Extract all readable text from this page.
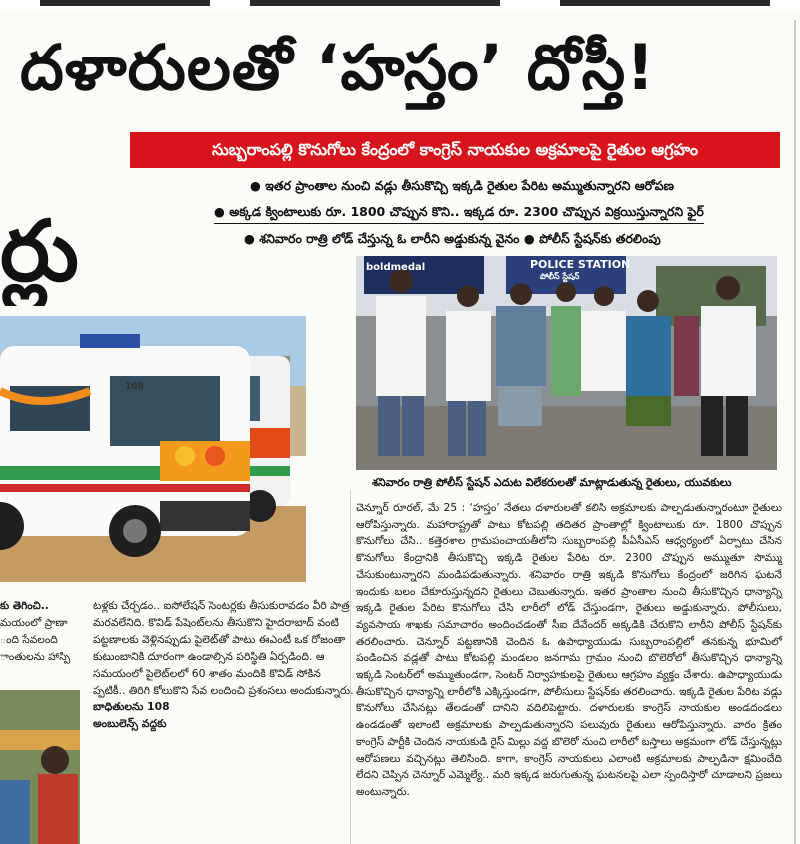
దళారులతో ‘హస్తం’ దోస్తీ!
సుబ్బరాంపల్లి కొనుగోలు కేంద్రంలో కాంగ్రెస్ నాయకుల అక్రమాలపై రైతుల ఆగ్రహం
● ఇతర ప్రాంతాల నుంచి వడ్లు తీసుకొచ్చి ఇక్కడి రైతుల పేరిట అమ్ముతున్నారని ఆరోపణ
● అక్కడ క్వింటాలుకు రూ. 1800 చొప్పున కొని.. ఇక్కడ రూ. 2300 చొప్పున విక్రయిస్తున్నారని ఫైర్
● శనివారం రాత్రి లోడ్ చేస్తున్న ఓ లారీని అడ్డుకున్న వైనం ● పోలీస్ స్టేషన్‌కు తరలింపు
ర్లు
108
boldmedal	POLICE STATION
పోలీస్ స్టేషన్
శనివారం రాత్రి పోలీస్ స్టేషన్ ఎదుట విలేకరులతో మాట్లాడుతున్న రైతులు, యువకులు
చెన్నూర్ రూరల్, మే 25 : ‘హస్తం’ నేతలు దళారులతో కలిసి అక్రమాలకు పాల్పడుతున్నారంటూ రైతులు ఆరోపిస్తున్నారు. మహారాష్ట్రతో పాటు కోటపల్లి తదితర ప్రాంతాల్లో క్వింటాలుకు రూ. 1800 చొప్పున కొనుగోలు చేసి.. కత్తెరశాల గ్రామపంచాయతీలోని సుబ్బరాంపల్లి పీఏసీఎస్ ఆధ్వర్యంలో ఏర్పాటు చేసిన కొనుగోలు కేంద్రానికి తీసుకొచ్చి ఇక్కడి రైతుల పేరిట రూ. 2300 చొప్పున అమ్ముతూ సొమ్ము చేసుకుంటున్నారని మండిపడుతున్నారు. శనివారం రాత్రి ఇక్కడి కొనుగోలు కేంద్రంలో జరిగిన ఘటనే ఇందుకు బలం చేకూరుస్తున్నదని రైతులు చెబుతున్నారు. ఇతర ప్రాంతాల నుంచి తీసుకొచ్చిన ధాన్యాన్ని ఇక్కడి రైతుల పేరిట కొనుగోలు చేసి లారీలో లోడ్ చేస్తుండగా, రైతులు అడ్డుకున్నారు. పోలీసులు, వ్యవసాయ శాఖకు సమాచారం అందించడంతో సీఐ దేవేందర్ అక్కడికి చేరుకొని లారీని పోలీస్ స్టేషన్‌కు తరలించారు. చెన్నూర్ పట్టణానికి చెందిన ఓ ఉపాధ్యాయుడు సుబ్బరాంపల్లిలో తనకున్న భూమిలో పండించిన వడ్లతో పాటు కోటపల్లి మండలం జనగామ గ్రామం నుంచి బొలెరోలో తీసుకొచ్చిన ధాన్యాన్ని ఇక్కడి సెంటర్‌లో అమ్ముతుండగా, సెంటర్ నిర్వాహకులపై రైతులు ఆగ్రహం వ్యక్తం చేశారు. ఉపాధ్యాయుడు తీసుకొచ్చిన ధాన్యాన్ని లారీలోకి ఎక్కిస్తుండగా, పోలీసులు స్టేషన్‌కు తరలించారు. ఇక్కడి రైతుల పేరిట వడ్లు కొనుగోలు చేసినట్లు తేలడంతో దానిని వదిలిపెట్టారు. దళారులకు కాంగ్రెస్ నాయకుల అండదండలు ఉండడంతో ఇలాంటి అక్రమాలకు పాల్పడుతున్నారని పలువురు రైతులు ఆరోపిస్తున్నారు. వారం క్రితం కాంగ్రెస్ పార్టీకి చెందిన నాయకుడి రైస్ మిల్లు వద్ద బొలెరో నుంచి లారీలో బస్తాలు అక్రమంగా లోడ్ చేస్తున్నట్లు ఆరోపణలు వచ్చినట్లు తెలిసింది. కాగా, కాంగ్రెస్ నాయకులు ఎలాంటి అక్రమాలకు పాల్పడినా క్షమించేది లేదని చెప్పిన చెన్నూర్ ఎమ్మెల్యే.. మరి ఇక్కడ జరుగుతున్న ఘటనలపై ఎలా స్పందిస్తారో చూడాలని ప్రజలు అంటున్నారు.
కు తెగించి..
మయంలో ప్రాణా
ంది సేవలంది
ాంతులను హాస్పి
టళ్లకు చేర్చడం.. ఐసోలేషన్ సెంటర్లకు తీసుకురావడం వీరి పాత్ర మరవలేనిది. కొవిడ్ పేషెంట్‌లను తీసుకొని హైదరాబాద్ వంటి పట్టణాలకు వెళ్లినప్పుడు పైలెట్‌తో పాటు ఈఎంటీ ఒక రోజంతా కుటుంబానికి దూరంగా ఉండాల్సిన పరిస్థితి ఏర్పడింది. ఆ సమయంలో పైలెట్‌లలో 60 శాతం మందికి కొవిడ్ సోకిన ప్పటికీ.. తిరిగి కోలుకొని సేవ లందించి ప్రశంసలు అందుకున్నారు.
బాధితులను 108
అంబులెన్స్ వద్దకు
